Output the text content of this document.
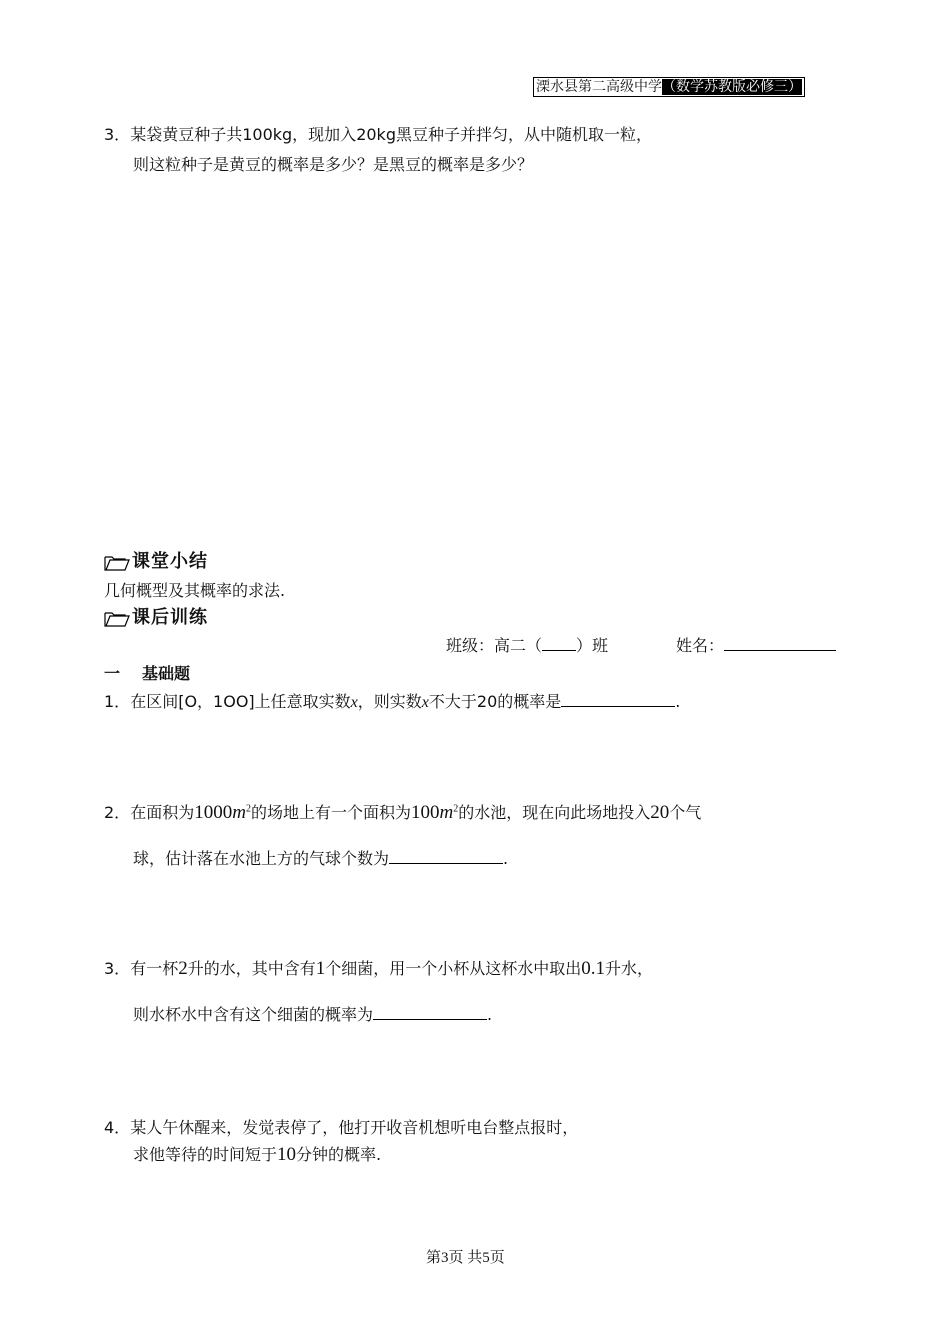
溧水县第二高级中学（数学苏教版必修三）
3．某袋黄豆种子共100kg，现加入20kg黑豆种子并拌匀，从中随机取一粒，
则这粒种子是黄豆的概率是多少？是黑豆的概率是多少？
课堂小结
几何概型及其概率的求法.
课后训练
班级：高二（ ）班	姓名：
一 基础题
1．在区间[O，1OO]上任意取实数x，则实数x不大于20的概率是	.
2．在面积为$1000m^2$的场地上有一个面积为$100m^2$的水池，现在向此场地投入20个气
球，估计落在水池上方的气球个数为	.
3．有一杯2升的水，其中含有1个细菌，用一个小杯从这杯水中取出0.1升水，
则水杯水中含有这个细菌的概率为	.
4．某人午休醒来，发觉表停了，他打开收音机想听电台整点报时，
求他等待的时间短于10分钟的概率.
第3页 共5页
